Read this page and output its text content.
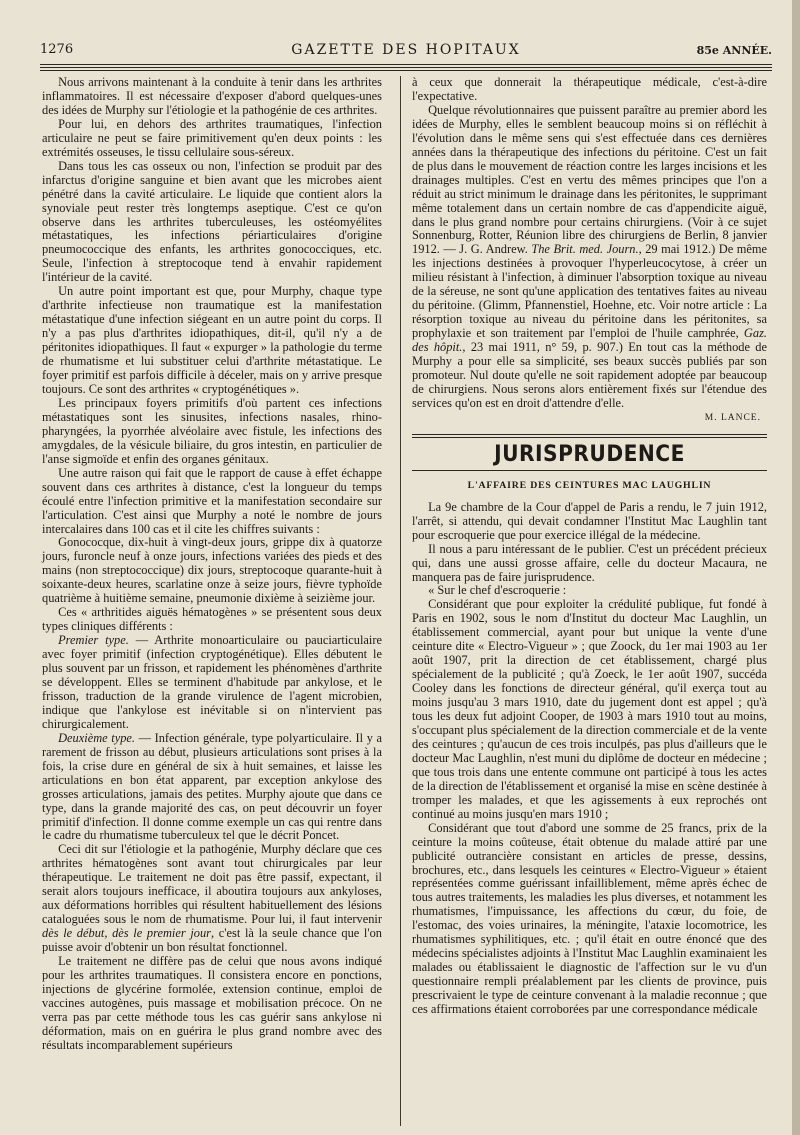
1276	GAZETTE DES HOPITAUX	85e ANNÉE.

Nous arrivons maintenant à la conduite à tenir dans les arthrites inflammatoires. Il est nécessaire d'exposer d'abord quelques-unes des idées de Murphy sur l'étiologie et la pathogénie de ces arthrites.

Pour lui, en dehors des arthrites traumatiques, l'infection articulaire ne peut se faire primitivement qu'en deux points : les extrémités osseuses, le tissu cellulaire sous-séreux.

Dans tous les cas osseux ou non, l'infection se produit par des infarctus d'origine sanguine et bien avant que les microbes aient pénétré dans la cavité articulaire. Le liquide que contient alors la synoviale peut rester très longtemps aseptique. C'est ce qu'on observe dans les arthrites tuberculeuses, les ostéomyélites métastatiques, les infections périarticulaires d'origine pneumococcique des enfants, les arthrites gonococciques, etc. Seule, l'infection à streptocoque tend à envahir rapidement l'intérieur de la cavité.

Un autre point important est que, pour Murphy, chaque type d'arthrite infectieuse non traumatique est la manifestation métastatique d'une infection siégeant en un autre point du corps. Il n'y a pas plus d'arthrites idiopathiques, dit-il, qu'il n'y a de péritonites idiopathiques. Il faut « expurger » la pathologie du terme de rhumatisme et lui substituer celui d'arthrite métastatique. Le foyer primitif est parfois difficile à déceler, mais on y arrive presque toujours. Ce sont des arthrites « cryptogénétiques ».

Les principaux foyers primitifs d'où partent ces infections métastatiques sont les sinusites, infections nasales, rhino-pharyngées, la pyorrhée alvéolaire avec fistule, les infections des amygdales, de la vésicule biliaire, du gros intestin, en particulier de l'anse sigmoïde et enfin des organes génitaux.

Une autre raison qui fait que le rapport de cause à effet échappe souvent dans ces arthrites à distance, c'est la longueur du temps écoulé entre l'infection primitive et la manifestation secondaire sur l'articulation. C'est ainsi que Murphy a noté le nombre de jours intercalaires dans 100 cas et il cite les chiffres suivants :

Gonococque, dix-huit à vingt-deux jours, grippe dix à quatorze jours, furoncle neuf à onze jours, infections variées des pieds et des mains (non streptococcique) dix jours, streptocoque quarante-huit à soixante-deux heures, scarlatine onze à seize jours, fièvre typhoïde quatrième à huitième semaine, pneumonie dixième à seizième jour.

Ces « arthritides aiguës hématogènes » se présentent sous deux types cliniques différents :

Premier type. — Arthrite monoarticulaire ou pauciarticulaire avec foyer primitif (infection cryptogénétique). Elles débutent le plus souvent par un frisson, et rapidement les phénomènes d'arthrite se développent. Elles se terminent d'habitude par ankylose, et le frisson, traduction de la grande virulence de l'agent microbien, indique que l'ankylose est inévitable si on n'intervient pas chirurgicalement.

Deuxième type. — Infection générale, type polyarticulaire. Il y a rarement de frisson au début, plusieurs articulations sont prises à la fois, la crise dure en général de six à huit semaines, et laisse les articulations en bon état apparent, par exception ankylose des grosses articulations, jamais des petites. Murphy ajoute que dans ce type, dans la grande majorité des cas, on peut découvrir un foyer primitif d'infection. Il donne comme exemple un cas qui rentre dans le cadre du rhumatisme tuberculeux tel que le décrit Poncet.

Ceci dit sur l'étiologie et la pathogénie, Murphy déclare que ces arthrites hématogènes sont avant tout chirurgicales par leur thérapeutique. Le traitement ne doit pas être passif, expectant, il serait alors toujours inefficace, il aboutira toujours aux ankyloses, aux déformations horribles qui résultent habituellement des lésions cataloguées sous le nom de rhumatisme. Pour lui, il faut intervenir dès le début, dès le premier jour, c'est là la seule chance que l'on puisse avoir d'obtenir un bon résultat fonctionnel.

Le traitement ne diffère pas de celui que nous avons indiqué pour les arthrites traumatiques. Il consistera encore en ponctions, injections de glycérine formolée, extension continue, emploi de vaccines autogènes, puis massage et mobilisation précoce. On ne verra pas par cette méthode tous les cas guérir sans ankylose ni déformation, mais on en guérira le plus grand nombre avec des résultats incomparablement supérieurs

à ceux que donnerait la thérapeutique médicale, c'est-à-dire l'expectative.

Quelque révolutionnaires que puissent paraître au premier abord les idées de Murphy, elles le semblent beaucoup moins si on réfléchit à l'évolution dans le même sens qui s'est effectuée dans ces dernières années dans la thérapeutique des infections du péritoine. C'est un fait de plus dans le mouvement de réaction contre les larges incisions et les drainages multiples. C'est en vertu des mêmes principes que l'on a réduit au strict minimum le drainage dans les péritonites, le supprimant même totalement dans un certain nombre de cas d'appendicite aiguë, dans le plus grand nombre pour certains chirurgiens. (Voir à ce sujet Sonnenburg, Rotter, Réunion libre des chirurgiens de Berlin, 8 janvier 1912. — J. G. Andrew. The Brit. med. Journ., 29 mai 1912.) De même les injections destinées à provoquer l'hyperleucocytose, à créer un milieu résistant à l'infection, à diminuer l'absorption toxique au niveau de la séreuse, ne sont qu'une application des tentatives faites au niveau du péritoine. (Glimm, Pfannenstiel, Hoehne, etc. Voir notre article : La résorption toxique au niveau du péritoine dans les péritonites, sa prophylaxie et son traitement par l'emploi de l'huile camphrée, Gaz. des hôpit., 23 mai 1911, n° 59, p. 907.) En tout cas la méthode de Murphy a pour elle sa simplicité, ses beaux succès publiés par son promoteur. Nul doute qu'elle ne soit rapidement adoptée par beaucoup de chirurgiens. Nous serons alors entièrement fixés sur l'étendue des services qu'on est en droit d'attendre d'elle.

M. LANCE.
JURISPRUDENCE
L'AFFAIRE DES CEINTURES MAC LAUGHLIN

La 9e chambre de la Cour d'appel de Paris a rendu, le 7 juin 1912, l'arrêt, si attendu, qui devait condamner l'Institut Mac Laughlin tant pour escroquerie que pour exercice illégal de la médecine.

Il nous a paru intéressant de le publier. C'est un précédent précieux qui, dans une aussi grosse affaire, celle du docteur Macaura, ne manquera pas de faire jurisprudence.

« Sur le chef d'escroquerie :

Considérant que pour exploiter la crédulité publique, fut fondé à Paris en 1902, sous le nom d'Institut du docteur Mac Laughlin, un établissement commercial, ayant pour but unique la vente d'une ceinture dite « Electro-Vigueur » ; que Zoock, du 1er mai 1903 au 1er août 1907, prit la direction de cet établissement, chargé plus spécialement de la publicité ; qu'à Zoeck, le 1er août 1907, succéda Cooley dans les fonctions de directeur général, qu'il exerça tout au moins jusqu'au 3 mars 1910, date du jugement dont est appel ; qu'à tous les deux fut adjoint Cooper, de 1903 à mars 1910 tout au moins, s'occupant plus spécialement de la direction commerciale et de la vente des ceintures ; qu'aucun de ces trois inculpés, pas plus d'ailleurs que le docteur Mac Laughlin, n'est muni du diplôme de docteur en médecine ; que tous trois dans une entente commune ont participé à tous les actes de la direction de l'établissement et organisé la mise en scène destinée à tromper les malades, et que les agissements à eux reprochés ont continué au moins jusqu'en mars 1910 ;

Considérant que tout d'abord une somme de 25 francs, prix de la ceinture la moins coûteuse, était obtenue du malade attiré par une publicité outrancière consistant en articles de presse, dessins, brochures, etc., dans lesquels les ceintures « Electro-Vigueur » étaient représentées comme guérissant infailliblement, même après échec de tous autres traitements, les maladies les plus diverses, et notamment les rhumatismes, l'impuissance, les affections du cœur, du foie, de l'estomac, des voies urinaires, la méningite, l'ataxie locomotrice, les rhumatismes syphilitiques, etc. ; qu'il était en outre énoncé que des médecins spécialistes adjoints à l'Institut Mac Laughlin examinaient les malades ou établissaient le diagnostic de l'affection sur le vu d'un questionnaire rempli préalablement par les clients de province, puis prescrivaient le type de ceinture convenant à la maladie reconnue ; que ces affirmations étaient corroborées par une correspondance médicale
